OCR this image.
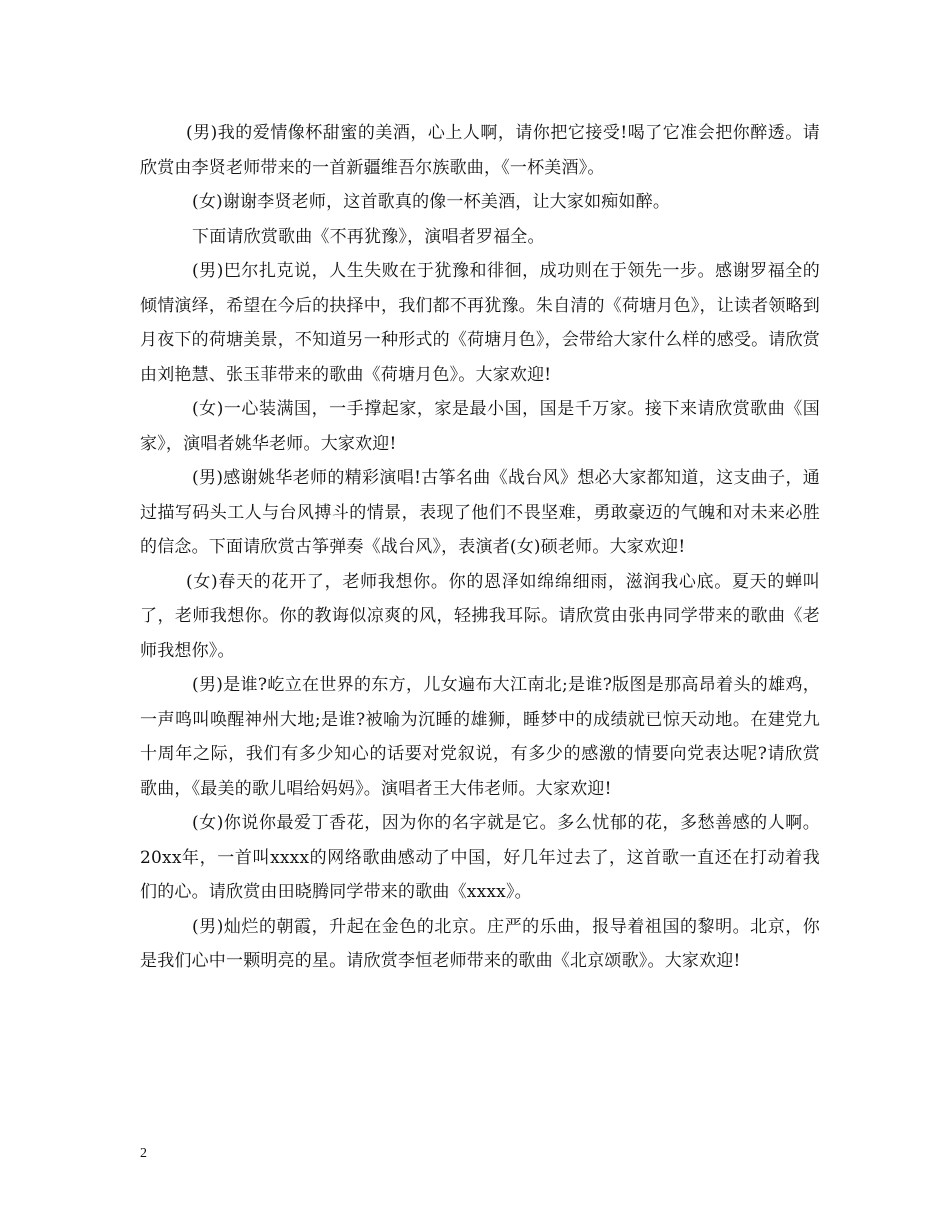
(男)我的爱情像杯甜蜜的美酒，心上人啊，请你把它接受!喝了它准会把你醉透。请欣赏由李贤老师带来的一首新疆维吾尔族歌曲，《一杯美酒》。

(女)谢谢李贤老师，这首歌真的像一杯美酒，让大家如痴如醉。

下面请欣赏歌曲《不再犹豫》，演唱者罗福全。

(男)巴尔扎克说，人生失败在于犹豫和徘徊，成功则在于领先一步。感谢罗福全的倾情演绎，希望在今后的抉择中，我们都不再犹豫。朱自清的《荷塘月色》，让读者领略到月夜下的荷塘美景，不知道另一种形式的《荷塘月色》，会带给大家什么样的感受。请欣赏由刘艳慧、张玉菲带来的歌曲《荷塘月色》。大家欢迎!

(女)一心装满国，一手撑起家，家是最小国，国是千万家。接下来请欣赏歌曲《国家》，演唱者姚华老师。大家欢迎!

(男)感谢姚华老师的精彩演唱!古筝名曲《战台风》想必大家都知道，这支曲子，通过描写码头工人与台风搏斗的情景，表现了他们不畏坚难，勇敢豪迈的气魄和对未来必胜的信念。下面请欣赏古筝弹奏《战台风》，表演者(女)硕老师。大家欢迎!

(女)春天的花开了，老师我想你。你的恩泽如绵绵细雨，滋润我心底。夏天的蝉叫了，老师我想你。你的教诲似凉爽的风，轻拂我耳际。请欣赏由张冉同学带来的歌曲《老师我想你》。

(男)是谁?屹立在世界的东方，儿女遍布大江南北;是谁?版图是那高昂着头的雄鸡，一声鸣叫唤醒神州大地;是谁?被喻为沉睡的雄狮，睡梦中的成绩就已惊天动地。在建党九十周年之际，我们有多少知心的话要对党叙说，有多少的感激的情要向党表达呢?请欣赏歌曲，《最美的歌儿唱给妈妈》。演唱者王大伟老师。大家欢迎!

(女)你说你最爱丁香花，因为你的名字就是它。多么忧郁的花，多愁善感的人啊。20xx年，一首叫xxxx的网络歌曲感动了中国，好几年过去了，这首歌一直还在打动着我们的心。请欣赏由田晓腾同学带来的歌曲《xxxx》。

(男)灿烂的朝霞，升起在金色的北京。庄严的乐曲，报导着祖国的黎明。北京，你是我们心中一颗明亮的星。请欣赏李恒老师带来的歌曲《北京颂歌》。大家欢迎!

2
